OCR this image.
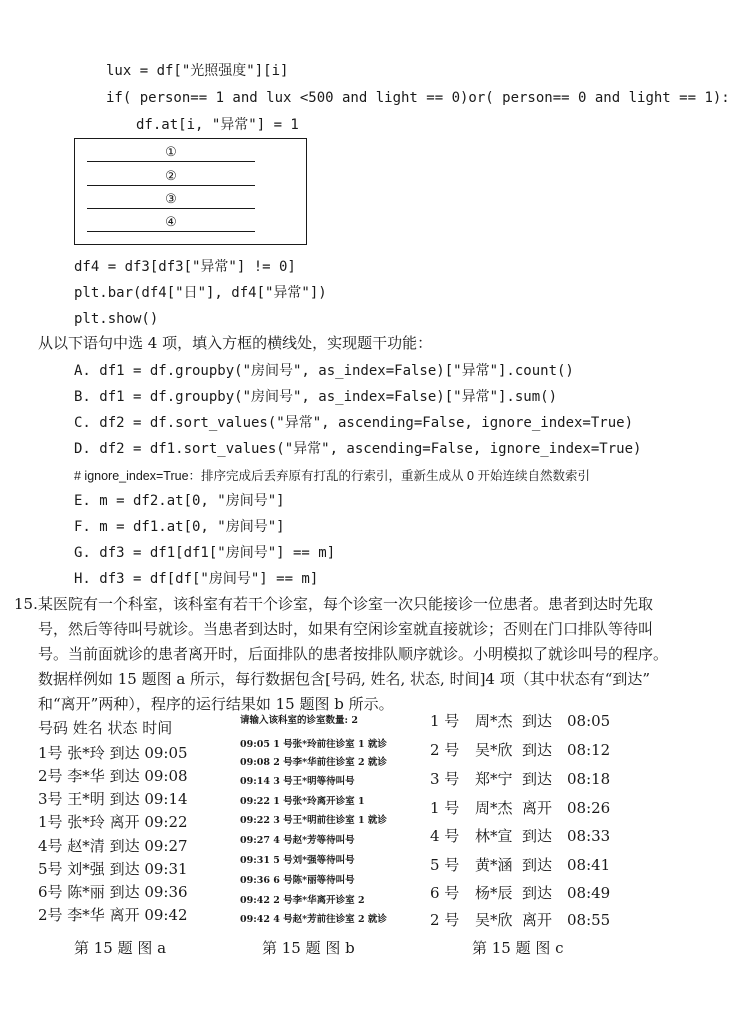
lux = df["光照强度"][i]
if( person== 1 and lux <500 and light == 0)or( person== 0 and light == 1):
df.at[i, "异常"] = 1
①
②
③
④
df4 = df3[df3["异常"] != 0]
plt.bar(df4["日"], df4["异常"])
plt.show()
从以下语句中选 4 项，填入方框的横线处，实现题干功能：
A. df1 = df.groupby("房间号", as_index=False)["异常"].count()
B. df1 = df.groupby("房间号", as_index=False)["异常"].sum()
C. df2 = df.sort_values("异常", ascending=False, ignore_index=True)
D. df2 = df1.sort_values("异常", ascending=False, ignore_index=True)
# ignore_index=True：排序完成后丢弃原有打乱的行索引，重新生成从 0 开始连续自然数索引
E. m = df2.at[0, "房间号"]
F. m = df1.at[0, "房间号"]
G. df3 = df1[df1["房间号"] == m]
H. df3 = df[df["房间号"] == m]
15. 某医院有一个科室，该科室有若干个诊室，每个诊室一次只能接诊一位患者。患者到达时先取
号，然后等待叫号就诊。当患者到达时，如果有空闲诊室就直接就诊；否则在门口排队等待叫
号。当前面就诊的患者离开时，后面排队的患者按排队顺序就诊。小明模拟了就诊叫号的程序。
数据样例如 15 题图 a 所示，每行数据包含[号码, 姓名, 状态, 时间]4 项（其中状态有“到达”
和“离开”两种），程序的运行结果如 15 题图 b 所示。
号码 姓名 状态 时间
1号 张*玲 到达 09:05
2号 李*华 到达 09:08
3号 王*明 到达 09:14
1号 张*玲 离开 09:22
4号 赵*清 到达 09:27
5号 刘*强 到达 09:31
6号 陈*丽 到达 09:36
2号 李*华 离开 09:42
第 15 题 图 a
请输入该科室的诊室数量: 2
09:05 1 号张*玲前往诊室 1 就诊
09:08 2 号李*华前往诊室 2 就诊
09:14 3 号王*明等待叫号
09:22 1 号张*玲离开诊室 1
09:22 3 号王*明前往诊室 1 就诊
09:27 4 号赵*芳等待叫号
09:31 5 号刘*强等待叫号
09:36 6 号陈*丽等待叫号
09:42 2 号李*华离开诊室 2
09:42 4 号赵*芳前往诊室 2 就诊
第 15 题 图 b
1 号 周*杰 到达 08:05
2 号 吴*欣 到达 08:12
3 号 郑*宁 到达 08:18
1 号 周*杰 离开 08:26
4 号 林*宣 到达 08:33
5 号 黄*涵 到达 08:41
6 号 杨*辰 到达 08:49
2 号 吴*欣 离开 08:55
第 15 题 图 c
